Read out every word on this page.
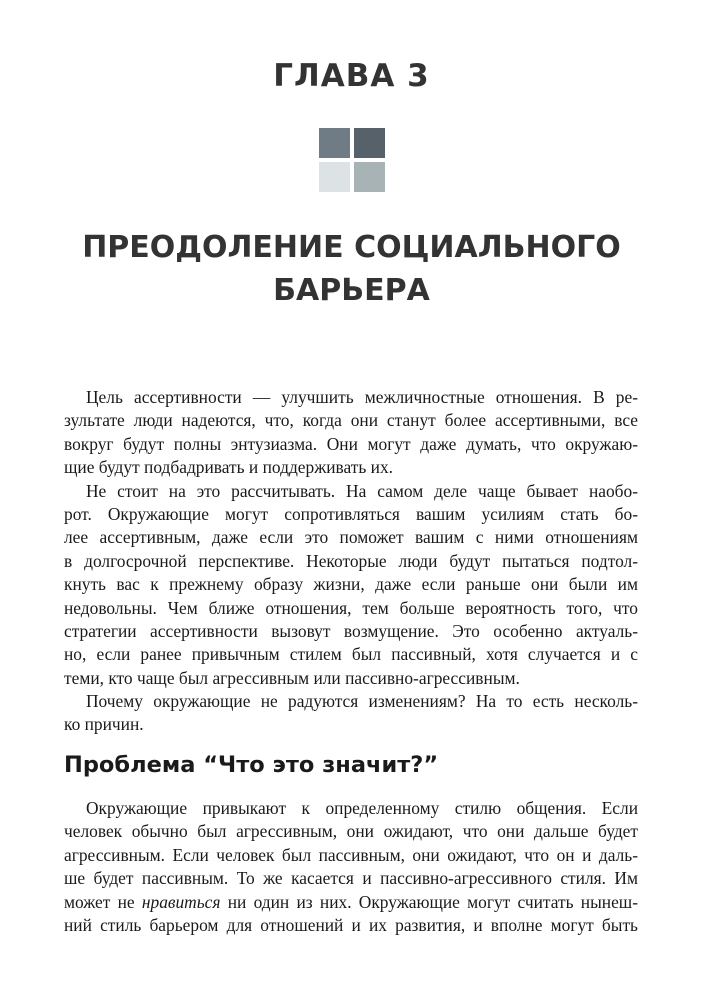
ГЛАВА 3
ПРЕОДОЛЕНИЕ СОЦИАЛЬНОГО
БАРЬЕРА
Цель ассертивности — улучшить межличностные отношения. В ре-
зультате люди надеются, что, когда они станут более ассертивными, все
вокруг будут полны энтузиазма. Они могут даже думать, что окружаю-
щие будут подбадривать и поддерживать их.
Не стоит на это рассчитывать. На самом деле чаще бывает наобо-
рот. Окружающие могут сопротивляться вашим усилиям стать бо-
лее ассертивным, даже если это поможет вашим с ними отношениям
в долгосрочной перспективе. Некоторые люди будут пытаться подтол-
кнуть вас к прежнему образу жизни, даже если раньше они были им
недовольны. Чем ближе отношения, тем больше вероятность того, что
стратегии ассертивности вызовут возмущение. Это особенно актуаль-
но, если ранее привычным стилем был пассивный, хотя случается и с
теми, кто чаще был агрессивным или пассивно-агрессивным.
Почему окружающие не радуются изменениям? На то есть несколь-
ко причин.
Проблема “Что это значит?”
Окружающие привыкают к определенному стилю общения. Если
человек обычно был агрессивным, они ожидают, что они дальше будет
агрессивным. Если человек был пассивным, они ожидают, что он и даль-
ше будет пассивным. То же касается и пассивно-агрессивного стиля. Им
может не нравиться ни один из них. Окружающие могут считать нынеш-
ний стиль барьером для отношений и их развития, и вполне могут быть
